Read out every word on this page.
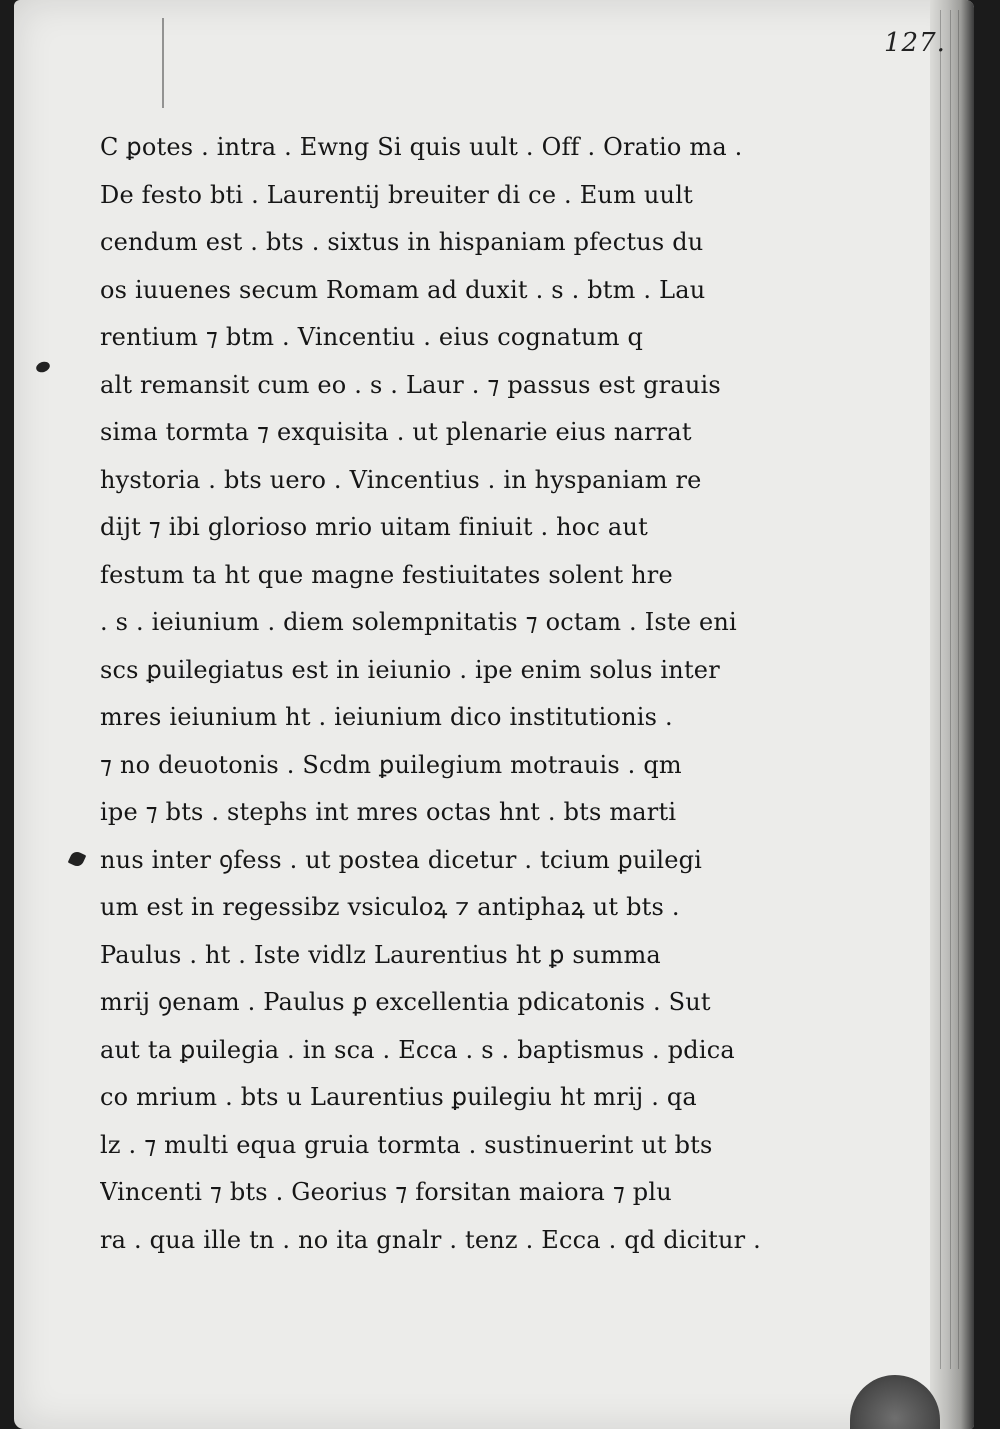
127.
C ꝑotes . intra . Ewng Si quis uult . Off . Oratio ma .
De festo bti . Laurentij breuiter di ce . Eum uult
cendum est . bts . sixtus in hispaniam pfectus du
os iuuenes secum Romam ad duxit . s . btm . Lau
rentium ⁊ btm . Vincentiu . eius cognatum q
alt remansit cum eo . s . Laur . ⁊ passus est grauis
sima tormta ⁊ exquisita . ut plenarie eius narrat
hystoria . bts uero . Vincentius . in hyspaniam re
dijt ⁊ ibi glorioso mrio uitam finiuit . hoc aut
festum ta ht que magne festiuitates solent hre
. s . ieiunium . diem solempnitatis ⁊ octam . Iste eni
scs ꝑuilegiatus est in ieiunio . ipe enim solus inter
mres ieiunium ht . ieiunium dico institutionis .
⁊ no deuotonis . Scdm ꝑuilegium motrauis . qm
ipe ⁊ bts . stephs int mres octas hnt . bts marti
nus inter ꝯfess . ut postea dicetur . tcium ꝑuilegi
um est in regessibz vsiculoꝝ ⁊ antiphaꝝ ut bts .
Paulus . ht . Iste vidlz Laurentius ht ꝑ summa
mrij ꝯenam . Paulus ꝑ excellentia pdicatonis . Sut
aut ta ꝑuilegia . in sca . Ecca . s . baptismus . pdica
co mrium . bts u Laurentius ꝑuilegiu ht mrij . qa
lz . ⁊ multi equa gruia tormta . sustinuerint ut bts
Vincenti ⁊ bts . Georius ⁊ forsitan maiora ⁊ plu
ra . qua ille tn . no ita gnalr . tenz . Ecca . qd dicitur .
